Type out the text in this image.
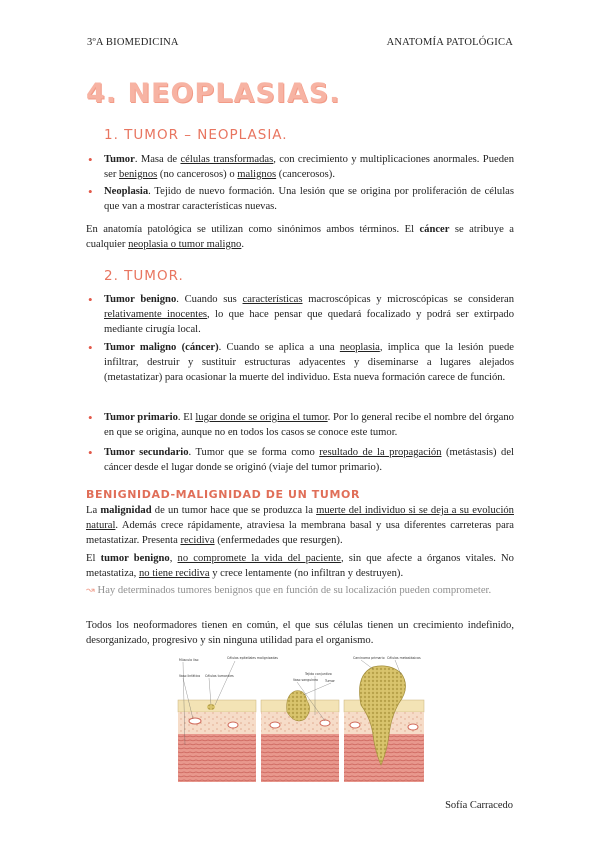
3ºA BIOMEDICINA	ANATOMÍA PATOLÓGICA
4. NEOPLASIAS.
1. TUMOR – NEOPLASIA.

• Tumor. Masa de células transformadas, con crecimiento y multiplicaciones anormales. Pueden ser benignos (no cancerosos) o malignos (cancerosos).

• Neoplasia. Tejido de nuevo formación. Una lesión que se origina por proliferación de células que van a mostrar características nuevas.

En anatomía patológica se utilizan como sinónimos ambos términos. El cáncer se atribuye a cualquier neoplasia o tumor maligno.

2. TUMOR.

• Tumor benigno. Cuando sus características macroscópicas y microscópicas se consideran relativamente inocentes, lo que hace pensar que quedará focalizado y podrá ser extirpado mediante cirugía local.

• Tumor maligno (cáncer). Cuando se aplica a una neoplasia, implica que la lesión puede infiltrar, destruir y sustituir estructuras adyacentes y diseminarse a lugares alejados (metastatizar) para ocasionar la muerte del individuo. Esta nueva formación carece de función.

• Tumor primario. El lugar donde se origina el tumor. Por lo general recibe el nombre del órgano en que se origina, aunque no en todos los casos se conoce este tumor.

• Tumor secundario. Tumor que se forma como resultado de la propagación (metástasis) del cáncer desde el lugar donde se originó (viaje del tumor primario).

BENIGNIDAD-MALIGNIDAD DE UN TUMOR

La malignidad de un tumor hace que se produzca la muerte del individuo si se deja a su evolución natural. Además crece rápidamente, atraviesa la membrana basal y usa diferentes carreteras para metastatizar. Presenta recidiva (enfermedades que resurgen).

El tumor benigno, no compromete la vida del paciente, sin que afecte a órganos vitales. No metastatiza, no tiene recidiva y crece lentamente (no infiltran y destruyen).

↝ Hay determinados tumores benignos que en función de su localización pueden comprometer.

Todos los neoformadores tienen en común, el que sus células tienen un crecimiento indefinido, desorganizado, progresivo y sin ninguna utilidad para el organismo.

Músculo liso	Células epiteliales malignizadas
Vaso linfático Células tumorales	Tejido conjuntivo
Vaso sanguíneo	Tumor
Carcinoma primario Células metastásicas
Sofía Carracedo
